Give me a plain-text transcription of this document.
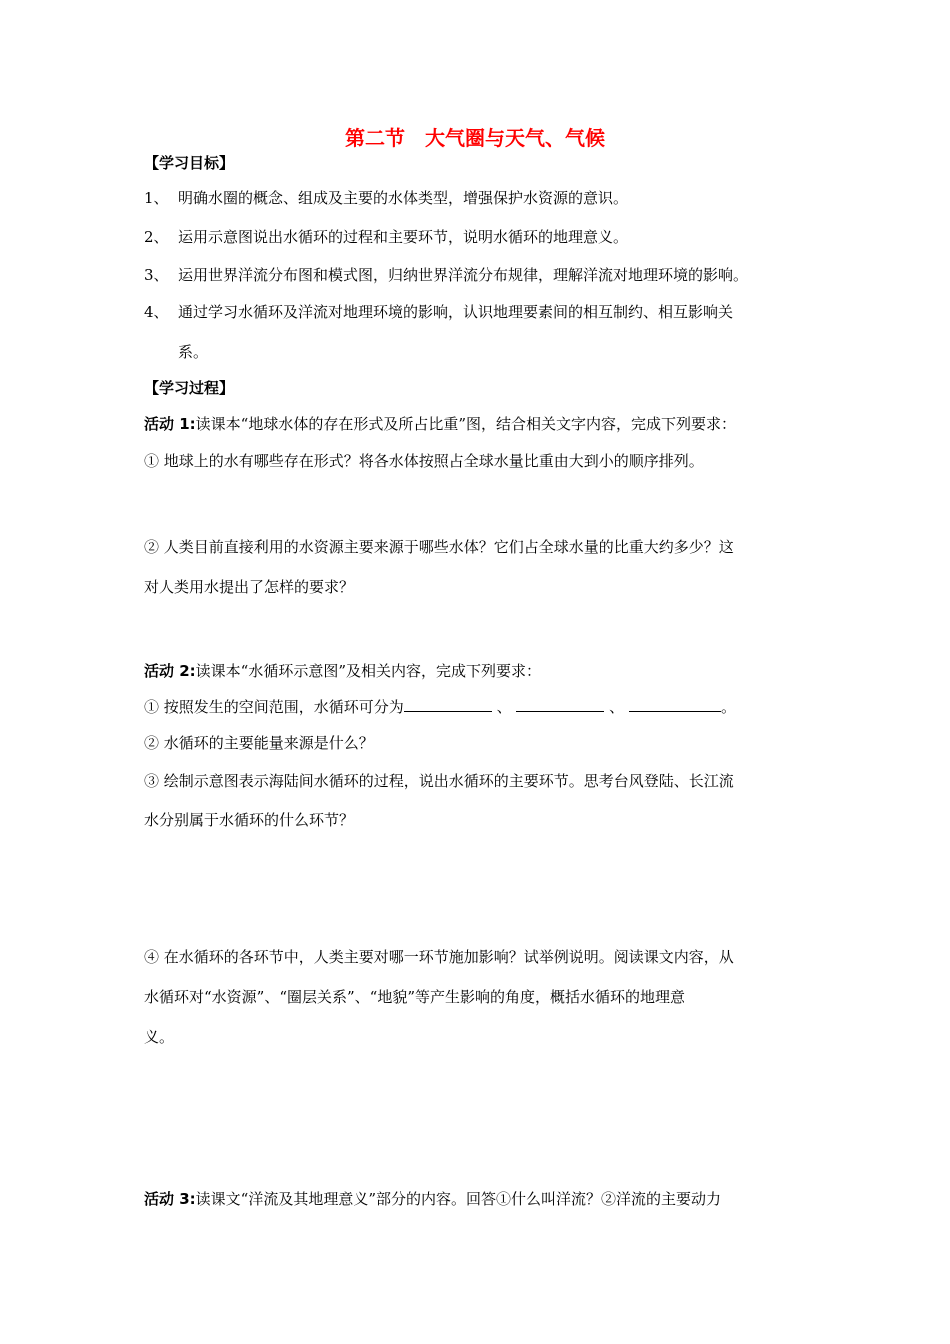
第二节　大气圈与天气、气候
【学习目标】
1、 明确水圈的概念、组成及主要的水体类型，增强保护水资源的意识。
2、 运用示意图说出水循环的过程和主要环节，说明水循环的地理意义。
3、 运用世界洋流分布图和模式图，归纳世界洋流分布规律，理解洋流对地理环境的影响。
4、 通过学习水循环及洋流对地理环境的影响，认识地理要素间的相互制约、相互影响关
系。
【学习过程】
活动 1:读课本“地球水体的存在形式及所占比重”图，结合相关文字内容，完成下列要求：
① 地球上的水有哪些存在形式？将各水体按照占全球水量比重由大到小的顺序排列。
② 人类目前直接利用的水资源主要来源于哪些水体？它们占全球水量的比重大约多少？这
对人类用水提出了怎样的要求？
活动 2:读课本“水循环示意图”及相关内容，完成下列要求：
① 按照发生的空间范围，水循环可分为	、	、	。
② 水循环的主要能量来源是什么？
③ 绘制示意图表示海陆间水循环的过程，说出水循环的主要环节。思考台风登陆、长江流
水分别属于水循环的什么环节？
④ 在水循环的各环节中，人类主要对哪一环节施加影响？试举例说明。阅读课文内容，从
水循环对“水资源”、“圈层关系”、“地貌”等产生影响的角度，概括水循环的地理意
义。
活动 3:读课文“洋流及其地理意义”部分的内容。回答①什么叫洋流？②洋流的主要动力
